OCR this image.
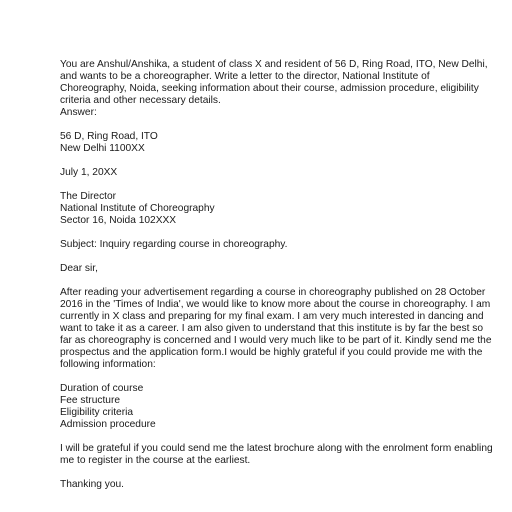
You are Anshul/Anshika, a student of class X and resident of 56 D, Ring Road, ITO, New Delhi,
and wants to be a choreographer. Write a letter to the director, National Institute of
Choreography, Noida, seeking information about their course, admission procedure, eligibility
criteria and other necessary details.
Answer:
56 D, Ring Road, ITO
New Delhi 1100XX
July 1, 20XX
The Director
National Institute of Choreography
Sector 16, Noida 102XXX
Subject: Inquiry regarding course in choreography.
Dear sir,
After reading your advertisement regarding a course in choreography published on 28 October
2016 in the 'Times of India', we would like to know more about the course in choreography. I am
currently in X class and preparing for my final exam. I am very much interested in dancing and
want to take it as a career. I am also given to understand that this institute is by far the best so
far as choreography is concerned and I would very much like to be part of it. Kindly send me the
prospectus and the application form.I would be highly grateful if you could provide me with the
following information:
Duration of course
Fee structure
Eligibility criteria
Admission procedure
I will be grateful if you could send me the latest brochure along with the enrolment form enabling
me to register in the course at the earliest.
Thanking you.
